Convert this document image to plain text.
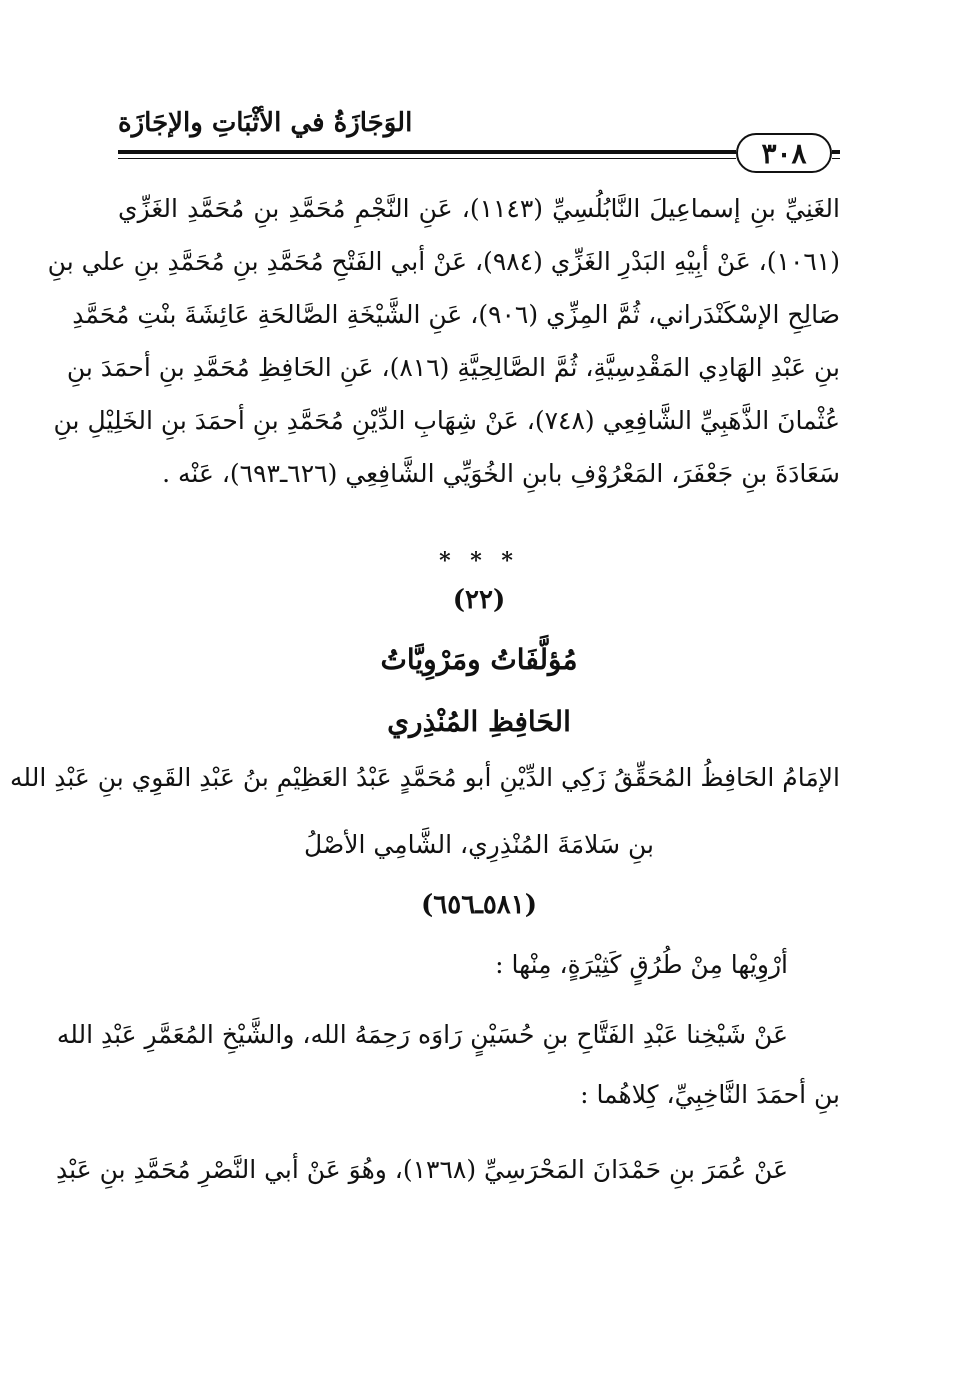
الوَجَازَةُ في الأثْبَاتِ والإجَازَة
٣٠٨
الغَنِيِّ بنِ إسماعِيلَ النَّابُلُسِيِّ (١١٤٣)، عَنِ النَّجْمِ مُحَمَّدِ بنِ مُحَمَّدِ الغَزِّي
(١٠٦١)، عَنْ أبِيْهِ البَدْرِ الغَزِّي (٩٨٤)، عَنْ أبي الفَتْحِ مُحَمَّدِ بنِ مُحَمَّدِ بنِ علي بنِ
صَالِحِ الإسْكَنْدَراني، ثُمَّ المِزِّي (٩٠٦)، عَنِ الشَّيْخَةِ الصَّالحَةِ عَائِشَةَ بنْتِ مُحَمَّدِ
بنِ عَبْدِ الهَادِي المَقْدِسِيَّةِ، ثُمَّ الصَّالِحِيَّةِ (٨١٦)، عَنِ الحَافِظِ مُحَمَّدِ بنِ أحمَدَ بنِ
عُثْمانَ الذَّهَبِيِّ الشَّافِعِي (٧٤٨)، عَنْ شِهَابِ الدِّيْنِ مُحَمَّدِ بنِ أحمَدَ بنِ الخَلِيْلِ بنِ
سَعَادَةَ بنِ جَعْفَرَ، المَعْرُوْفِ بابنِ الخُوَيِّي الشَّافِعِي (٦٢٦ـ٦٩٣)، عَنْه .
* * *
(٢٢)
مُؤلَّفَاتُ ومَرْوِيَّاتُ
الحَافِظِ المُنْذِري
الإمَامُ الحَافِظُ المُحَقِّقُ زَكِي الدِّيْنِ أبو مُحَمَّدٍ عَبْدُ العَظِيْمِ بنُ عَبْدِ القَوِي بنِ عَبْدِ الله
بنِ سَلامَةَ المُنْذِرِي، الشَّامِي الأصْلُ
(٥٨١ـ٦٥٦)
أرْوِيْها مِنْ طُرُقٍ كَثِيْرَةٍ، مِنْها :
عَنْ شَيْخِنا عَبْدِ الفَتَّاحِ بنِ حُسَيْنٍ رَاوَه رَحِمَهُ الله، والشَّيْخِ المُعَمَّرِ عَبْدِ الله
بنِ أحمَدَ النَّاخِبِيِّ، كِلاهُما :
عَنْ عُمَرَ بنِ حَمْدَانَ المَحْرَسِيِّ (١٣٦٨)، وهُوَ عَنْ أبي النَّصْرِ مُحَمَّدِ بنِ عَبْدِ
